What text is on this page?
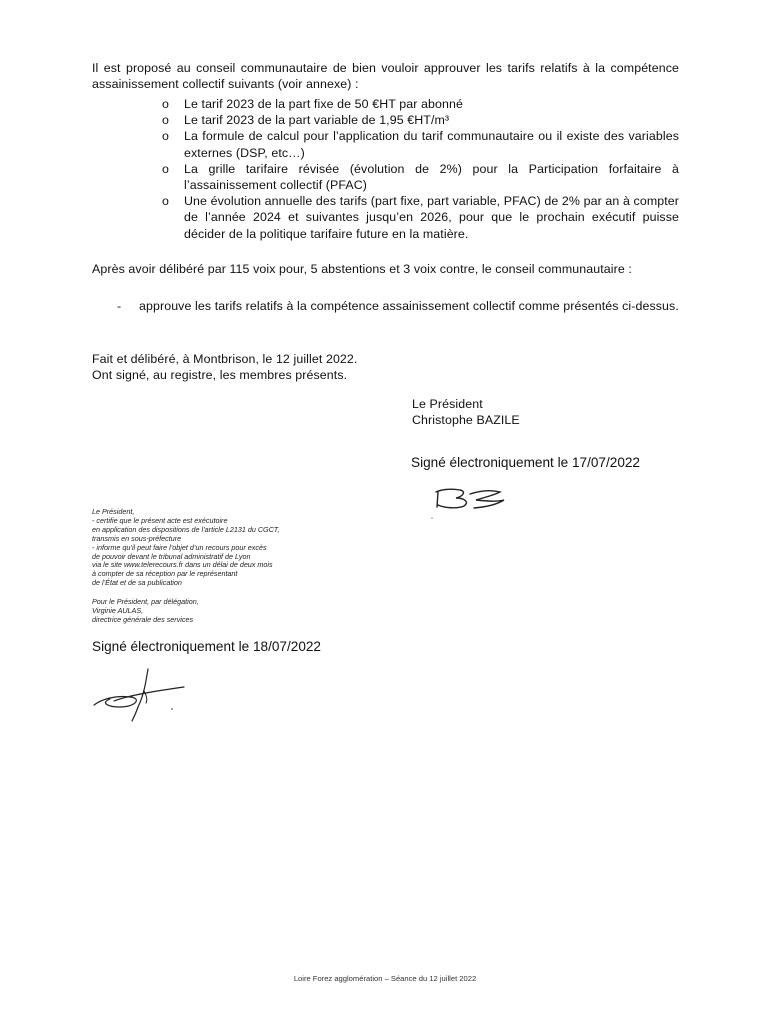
Il est proposé au conseil communautaire de bien vouloir approuver les tarifs relatifs à la compétence assainissement collectif suivants (voir annexe) :
o Le tarif 2023 de la part fixe de 50 €HT par abonné
o Le tarif 2023 de la part variable de 1,95 €HT/m³
o La formule de calcul pour l’application du tarif communautaire ou il existe des variables externes (DSP, etc…)
o La grille tarifaire révisée (évolution de 2%) pour la Participation forfaitaire à l’assainissement collectif (PFAC)
o Une évolution annuelle des tarifs (part fixe, part variable, PFAC) de 2% par an à compter de l’année 2024 et suivantes jusqu’en 2026, pour que le prochain exécutif puisse décider de la politique tarifaire future en la matière.
Après avoir délibéré par 115 voix pour, 5 abstentions et 3 voix contre, le conseil communautaire :
- approuve les tarifs relatifs à la compétence assainissement collectif comme présentés ci-dessus.
Fait et délibéré, à Montbrison, le 12 juillet 2022.
Ont signé, au registre, les membres présents.
Le Président
Christophe BAZILE
Signé électroniquement le 17/07/2022
Le Président,
- certifie que le présent acte est exécutoire
en application des dispositions de l’article L2131 du CGCT,
transmis en sous-préfecture
- informe qu’il peut faire l’objet d’un recours pour excès
de pouvoir devant le tribunal administratif de Lyon
via le site www.telerecours.fr dans un délai de deux mois
à compter de sa réception par le représentant
de l’État et de sa publication
Pour le Président, par délégation,
Virginie AULAS,
directrice générale des services
Signé électroniquement le 18/07/2022
Loire Forez agglomération – Séance du 12 juillet 2022
